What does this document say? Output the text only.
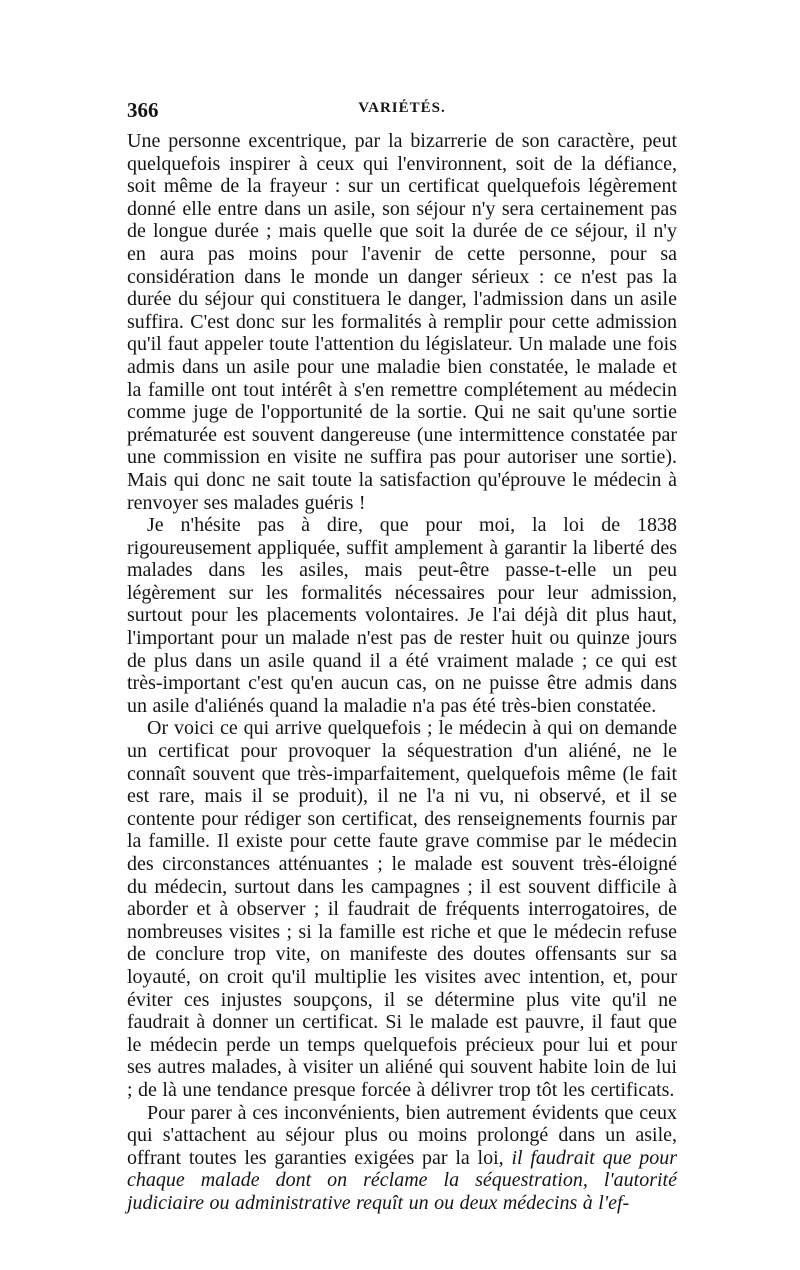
366	VARIÉTÉS.

Une personne excentrique, par la bizarrerie de son caractère, peut quelquefois inspirer à ceux qui l'environnent, soit de la défiance, soit même de la frayeur : sur un certificat quelquefois légèrement donné elle entre dans un asile, son séjour n'y sera certainement pas de longue durée ; mais quelle que soit la durée de ce séjour, il n'y en aura pas moins pour l'avenir de cette personne, pour sa considération dans le monde un danger sérieux : ce n'est pas la durée du séjour qui constituera le danger, l'admission dans un asile suffira. C'est donc sur les formalités à remplir pour cette admission qu'il faut appeler toute l'attention du législateur. Un malade une fois admis dans un asile pour une maladie bien constatée, le malade et la famille ont tout intérêt à s'en remettre complétement au médecin comme juge de l'opportunité de la sortie. Qui ne sait qu'une sortie prématurée est souvent dangereuse (une intermittence constatée par une commission en visite ne suffira pas pour autoriser une sortie). Mais qui donc ne sait toute la satisfaction qu'éprouve le médecin à renvoyer ses malades guéris !

Je n'hésite pas à dire, que pour moi, la loi de 1838 rigoureusement appliquée, suffit amplement à garantir la liberté des malades dans les asiles, mais peut-être passe-t-elle un peu légèrement sur les formalités nécessaires pour leur admission, surtout pour les placements volontaires. Je l'ai déjà dit plus haut, l'important pour un malade n'est pas de rester huit ou quinze jours de plus dans un asile quand il a été vraiment malade ; ce qui est très-important c'est qu'en aucun cas, on ne puisse être admis dans un asile d'aliénés quand la maladie n'a pas été très-bien constatée.

Or voici ce qui arrive quelquefois ; le médecin à qui on demande un certificat pour provoquer la séquestration d'un aliéné, ne le connaît souvent que très-imparfaitement, quelquefois même (le fait est rare, mais il se produit), il ne l'a ni vu, ni observé, et il se contente pour rédiger son certificat, des renseignements fournis par la famille. Il existe pour cette faute grave commise par le médecin des circonstances atténuantes ; le malade est souvent très-éloigné du médecin, surtout dans les campagnes ; il est souvent difficile à aborder et à observer ; il faudrait de fréquents interrogatoires, de nombreuses visites ; si la famille est riche et que le médecin refuse de conclure trop vite, on manifeste des doutes offensants sur sa loyauté, on croit qu'il multiplie les visites avec intention, et, pour éviter ces injustes soupçons, il se détermine plus vite qu'il ne faudrait à donner un certificat. Si le malade est pauvre, il faut que le médecin perde un temps quelquefois précieux pour lui et pour ses autres malades, à visiter un aliéné qui souvent habite loin de lui ; de là une tendance presque forcée à délivrer trop tôt les certificats.

Pour parer à ces inconvénients, bien autrement évidents que ceux qui s'attachent au séjour plus ou moins prolongé dans un asile, offrant toutes les garanties exigées par la loi, il faudrait que pour chaque malade dont on réclame la séquestration, l'autorité judiciaire ou administrative requît un ou deux médecins à l'ef-
